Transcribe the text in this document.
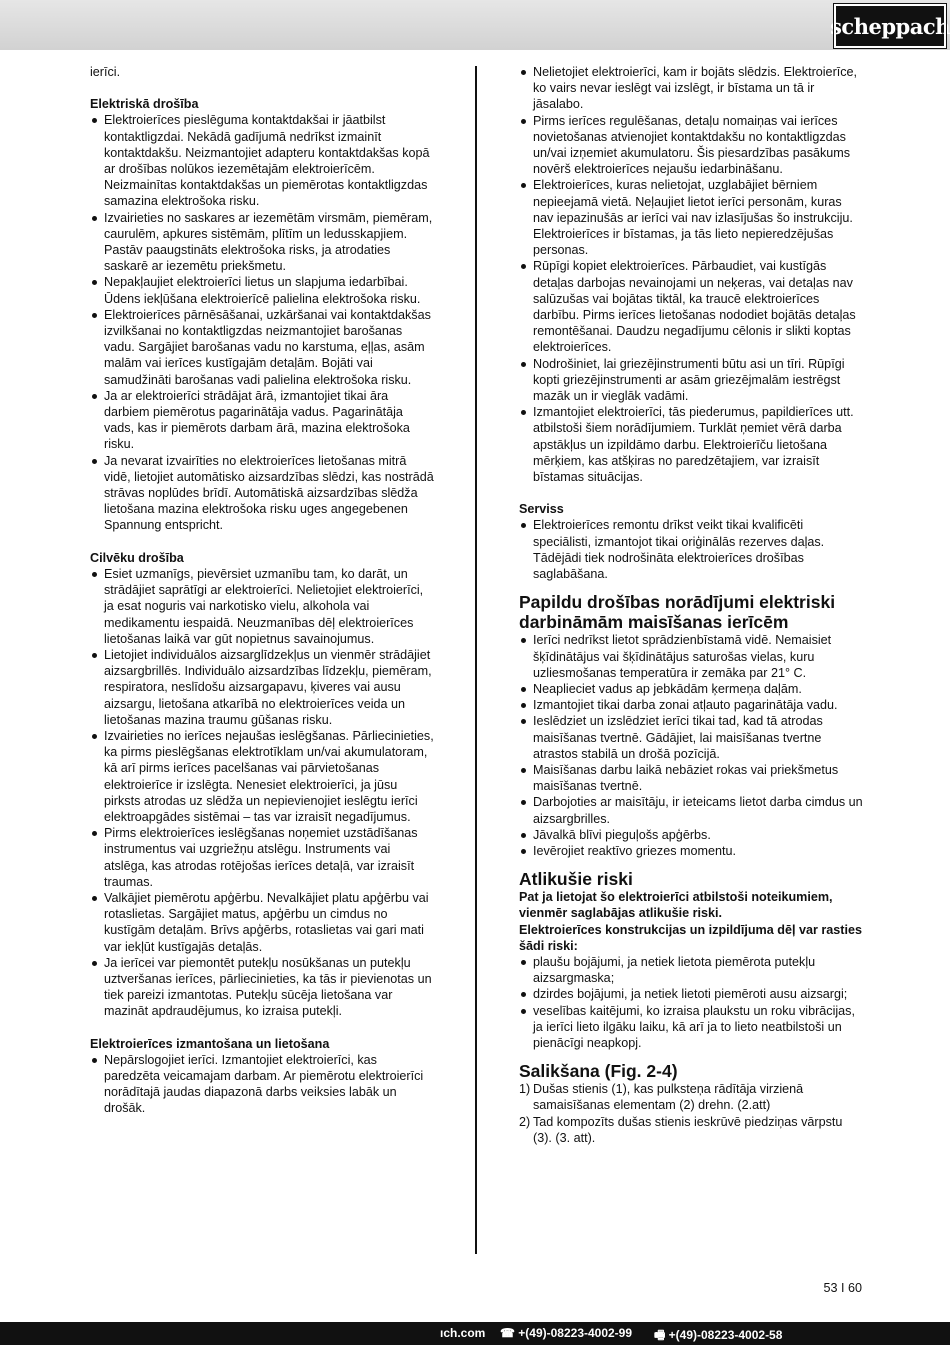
scheppach

ierīci.

Elektriskā drošība

Elektroierīces pieslēguma kontaktdakšai ir jāatbilst kontaktligzdai. Nekādā gadījumā nedrīkst izmainīt kontaktdakšu. Neizmantojiet adapteru kontaktdakšas kopā ar drošības nolūkos iezemētajām elektroierīcēm. Neizmainītas kontaktdakšas un piemērotas kontaktligzdas samazina elektrošoka risku.
Izvairieties no saskares ar iezemētām virsmām, piemēram, caurulēm, apkures sistēmām, plītīm un ledusskapjiem. Pastāv paaugstināts elektrošoka risks, ja atrodaties saskarē ar iezemētu priekšmetu.
Nepakļaujiet elektroierīci lietus un slapjuma iedarbībai. Ūdens iekļūšana elektroierīcē palielina elektrošoka risku.
Elektroierīces pārnēsāšanai, uzkāršanai vai kontaktdakšas izvilkšanai no kontaktligzdas neizmantojiet barošanas vadu. Sargājiet barošanas vadu no karstuma, eļļas, asām malām vai ierīces kustīgajām detaļām. Bojāti vai samudžināti barošanas vadi palielina elektrošoka risku.
Ja ar elektroierīci strādājat ārā, izmantojiet tikai āra darbiem piemērotus pagarinātāja vadus. Pagarinātāja vads, kas ir piemērots darbam ārā, mazina elektrošoka risku.
Ja nevarat izvairīties no elektroierīces lietošanas mitrā vidē, lietojiet automātisko aizsardzības slēdzi, kas nostrādā strāvas noplūdes brīdī. Automātiskā aizsardzības slēdža lietošana mazina elektrošoka risku uges angegebenen Spannung entspricht.

Cilvēku drošība

Esiet uzmanīgs, pievērsiet uzmanību tam, ko darāt, un strādājiet saprātīgi ar elektroierīci. Nelietojiet elektroierīci, ja esat noguris vai narkotisko vielu, alkohola vai medikamentu iespaidā. Neuzmanības dēļ elektroierīces lietošanas laikā var gūt nopietnus savainojumus.
Lietojiet individuālos aizsarglīdzekļus un vienmēr strādājiet aizsargbrillēs. Individuālo aizsardzības līdzekļu, piemēram, respiratora, neslīdošu aizsargapavu, ķiveres vai ausu aizsargu, lietošana atkarībā no elektroierīces veida un lietošanas mazina traumu gūšanas risku.
Izvairieties no ierīces nejaušas ieslēgšanas. Pārliecinieties, ka pirms pieslēgšanas elektrotīklam un/vai akumulatoram, kā arī pirms ierīces pacelšanas vai pārvietošanas elektroierīce ir izslēgta. Nenesiet elektroierīci, ja jūsu pirksts atrodas uz slēdža un nepievienojiet ieslēgtu ierīci elektroapgādes sistēmai – tas var izraisīt negadījumus.
Pirms elektroierīces ieslēgšanas noņemiet uzstādīšanas instrumentus vai uzgriežņu atslēgu. Instruments vai atslēga, kas atrodas rotējošas ierīces detaļā, var izraisīt traumas.
Valkājiet piemērotu apģērbu. Nevalkājiet platu apģērbu vai rotaslietas. Sargājiet matus, apģērbu un cimdus no kustīgām detaļām. Brīvs apģērbs, rotaslietas vai gari mati var iekļūt kustīgajās detaļās.
Ja ierīcei var piemontēt putekļu nosūkšanas un putekļu uztveršanas ierīces, pārliecinieties, ka tās ir pievienotas un tiek pareizi izmantotas. Putekļu sūcēja lietošana var mazināt apdraudējumus, ko izraisa putekļi.

Elektroierīces izmantošana un lietošana

Nepārslogojiet ierīci. Izmantojiet elektroierīci, kas paredzēta veicamajam darbam. Ar piemērotu elektroierīci norādītajā jaudas diapazonā darbs veiksies labāk un drošāk.
Nelietojiet elektroierīci, kam ir bojāts slēdzis. Elektroierīce, ko vairs nevar ieslēgt vai izslēgt, ir bīstama un tā ir jāsalabo.
Pirms ierīces regulēšanas, detaļu nomaiņas vai ierīces novietošanas atvienojiet kontaktdakšu no kontaktligzdas un/vai izņemiet akumulatoru. Šis piesardzības pasākums novērš elektroierīces nejaušu iedarbināšanu.
Elektroierīces, kuras nelietojat, uzglabājiet bērniem nepieejamā vietā. Neļaujiet lietot ierīci personām, kuras nav iepazinušās ar ierīci vai nav izlasījušas šo instrukciju. Elektroierīces ir bīstamas, ja tās lieto nepieredzējušas personas.
Rūpīgi kopiet elektroierīces. Pārbaudiet, vai kustīgās detaļas darbojas nevainojami un neķeras, vai detaļas nav salūzušas vai bojātas tiktāl, ka traucē elektroierīces darbību. Pirms ierīces lietošanas nododiet bojātās detaļas remontēšanai. Daudzu negadījumu cēlonis ir slikti koptas elektroierīces.
Nodrošiniet, lai griezējinstrumenti būtu asi un tīri. Rūpīgi kopti griezējinstrumenti ar asām griezējmalām iestrēgst mazāk un ir vieglāk vadāmi.
Izmantojiet elektroierīci, tās piederumus, papildierīces utt. atbilstoši šiem norādījumiem. Turklāt ņemiet vērā darba apstākļus un izpildāmo darbu. Elektroierīču lietošana mērķiem, kas atšķiras no paredzētajiem, var izraisīt bīstamas situācijas.

Serviss

Elektroierīces remontu drīkst veikt tikai kvalificēti speciālisti, izmantojot tikai oriģinālās rezerves daļas. Tādējādi tiek nodrošināta elektroierīces drošības saglabāšana.

Papildu drošības norādījumi elektriski darbināmām maisīšanas ierīcēm

Ierīci nedrīkst lietot sprādzienbīstamā vidē. Nemaisiet šķīdinātājus vai šķīdinātājus saturošas vielas, kuru uzliesmošanas temperatūra ir zemāka par 21° C.
Neaplieciet vadus ap jebkādām ķermeņa daļām.
Izmantojiet tikai darba zonai atļauto pagarinātāja vadu.
Ieslēdziet un izslēdziet ierīci tikai tad, kad tā atrodas maisīšanas tvertnē. Gādājiet, lai maisīšanas tvertne atrastos stabilā un drošā pozīcijā.
Maisīšanas darbu laikā nebāziet rokas vai priekšmetus maisīšanas tvertnē.
Darbojoties ar maisītāju, ir ieteicams lietot darba cimdus un aizsargbrilles.
Jāvalkā blīvi pieguļošs apģērbs.
Ievērojiet reaktīvo griezes momentu.

Atlikušie riski

Pat ja lietojat šo elektroierīci atbilstoši noteikumiem, vienmēr saglabājas atlikušie riski.

Elektroierīces konstrukcijas un izpildījuma dēļ var rasties šādi riski:

plaušu bojājumi, ja netiek lietota piemērota putekļu aizsargmaska;
dzirdes bojājumi, ja netiek lietoti piemēroti ausu aizsargi;
veselības kaitējumi, ko izraisa plaukstu un roku vibrācijas, ja ierīci lieto ilgāku laiku, kā arī ja to lieto neatbilstoši un pienācīgi neapkopj.

Salikšana (Fig. 2-4)

1) Dušas stienis (1), kas pulksteņa rādītāja virzienā samaisīšanas elementam (2) drehn. (2.att)
2) Tad kompozīts dušas stienis ieskrūvē piedziņas vārpstu (3). (3. att).
53 I 60
ıch.com ☎ +(49)-08223-4002-99 🖷 +(49)-08223-4002-58
